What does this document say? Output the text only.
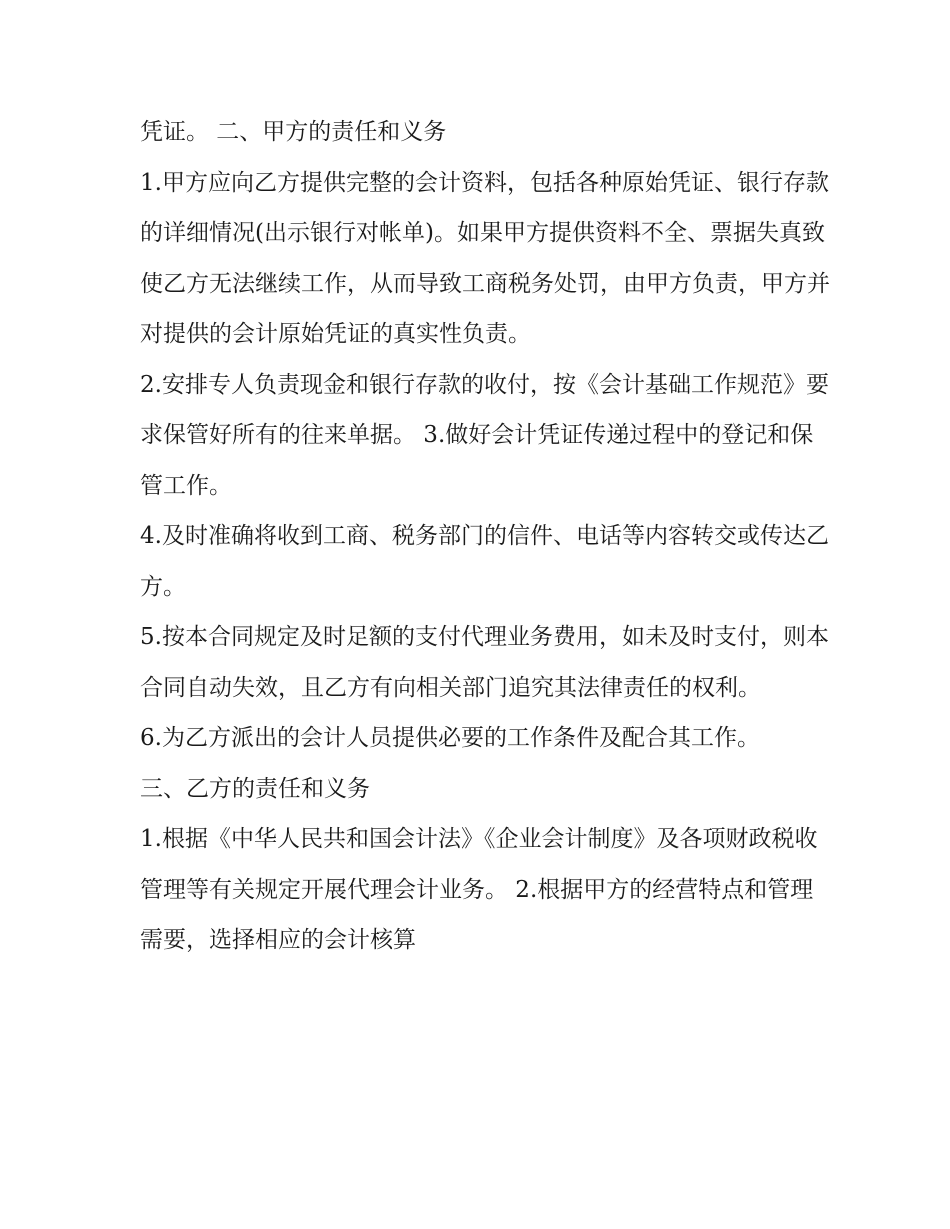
凭证。 二、甲方的责任和义务

1.甲方应向乙方提供完整的会计资料，包括各种原始凭证、银行存款的详细情况(出示银行对帐单)。如果甲方提供资料不全、票据失真致使乙方无法继续工作，从而导致工商税务处罚，由甲方负责，甲方并对提供的会计原始凭证的真实性负责。

2.安排专人负责现金和银行存款的收付，按《会计基础工作规范》要求保管好所有的往来单据。 3.做好会计凭证传递过程中的登记和保管工作。

4.及时准确将收到工商、税务部门的信件、电话等内容转交或传达乙方。

5.按本合同规定及时足额的支付代理业务费用，如未及时支付，则本合同自动失效，且乙方有向相关部门追究其法律责任的权利。

6.为乙方派出的会计人员提供必要的工作条件及配合其工作。

三、乙方的责任和义务

1.根据《中华人民共和国会计法》《企业会计制度》及各项财政税收管理等有关规定开展代理会计业务。 2.根据甲方的经营特点和管理需要，选择相应的会计核算
